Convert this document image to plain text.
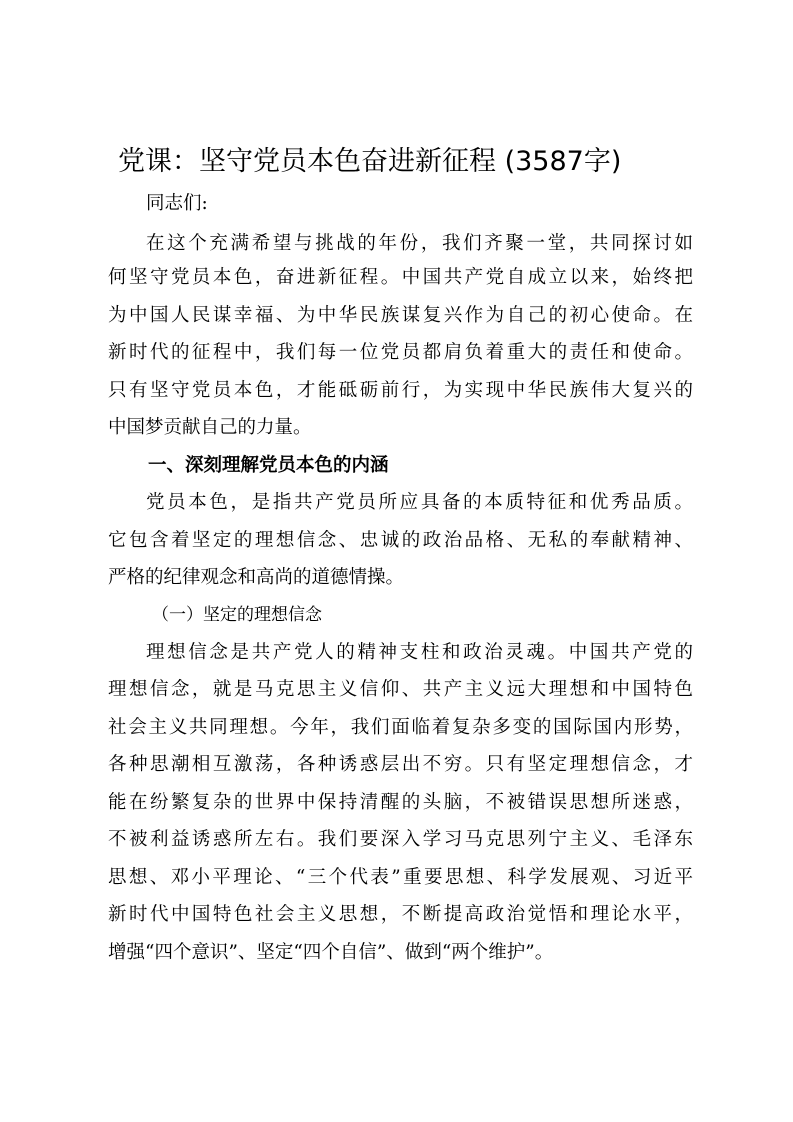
党课：坚守党员本色奋进新征程 (3587字)
同志们:
在这个充满希望与挑战的年份，我们齐聚一堂，共同探讨如
何坚守党员本色，奋进新征程。中国共产党自成立以来，始终把
为中国人民谋幸福、为中华民族谋复兴作为自己的初心使命。在
新时代的征程中，我们每一位党员都肩负着重大的责任和使命。
只有坚守党员本色，才能砥砺前行，为实现中华民族伟大复兴的
中国梦贡献自己的力量。
一、深刻理解党员本色的内涵
党员本色，是指共产党员所应具备的本质特征和优秀品质。
它包含着坚定的理想信念、忠诚的政治品格、无私的奉献精神、
严格的纪律观念和高尚的道德情操。
（一）坚定的理想信念
理想信念是共产党人的精神支柱和政治灵魂。中国共产党的
理想信念，就是马克思主义信仰、共产主义远大理想和中国特色
社会主义共同理想。今年，我们面临着复杂多变的国际国内形势，
各种思潮相互激荡，各种诱惑层出不穷。只有坚定理想信念，才
能在纷繁复杂的世界中保持清醒的头脑，不被错误思想所迷惑，
不被利益诱惑所左右。我们要深入学习马克思列宁主义、毛泽东
思想、邓小平理论、“三个代表”重要思想、科学发展观、习近平
新时代中国特色社会主义思想，不断提高政治觉悟和理论水平，
增强“四个意识”、坚定“四个自信”、做到“两个维护”。
